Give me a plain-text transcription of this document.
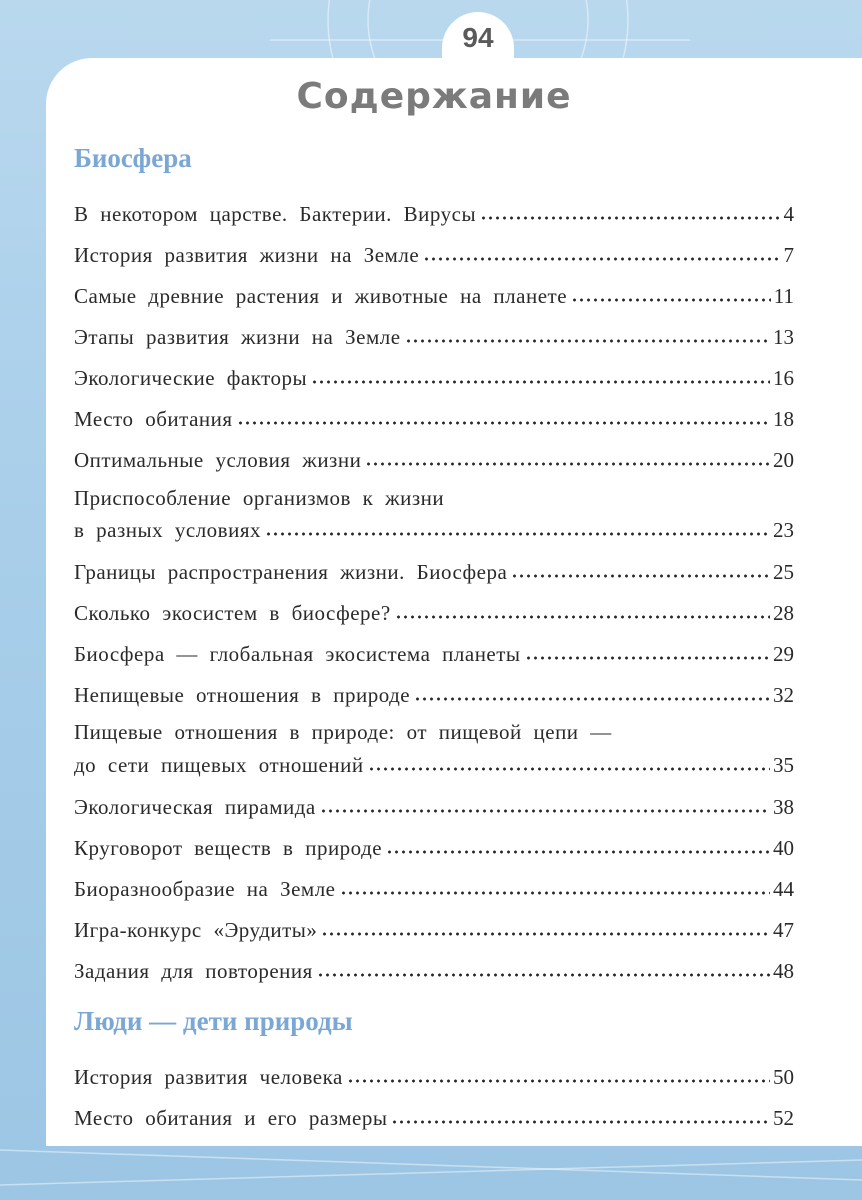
94
Содержание
Биосфера
В некотором царстве. Бактерии. Вирусы	4
История развития жизни на Земле	7
Самые древние растения и животные на планете	11
Этапы развития жизни на Земле	13
Экологические факторы	16
Место обитания	18
Оптимальные условия жизни	20
Приспособление организмов к жизни
в разных условиях	23
Границы распространения жизни. Биосфера	25
Сколько экосистем в биосфере?	28
Биосфера — глобальная экосистема планеты	29
Непищевые отношения в природе	32
Пищевые отношения в природе: от пищевой цепи —
до сети пищевых отношений	35
Экологическая пирамида	38
Круговорот веществ в природе	40
Биоразнообразие на Земле	44
Игра-конкурс «Эрудиты»	47
Задания для повторения	48
Люди — дети природы
История развития человека	50
Место обитания и его размеры	52
